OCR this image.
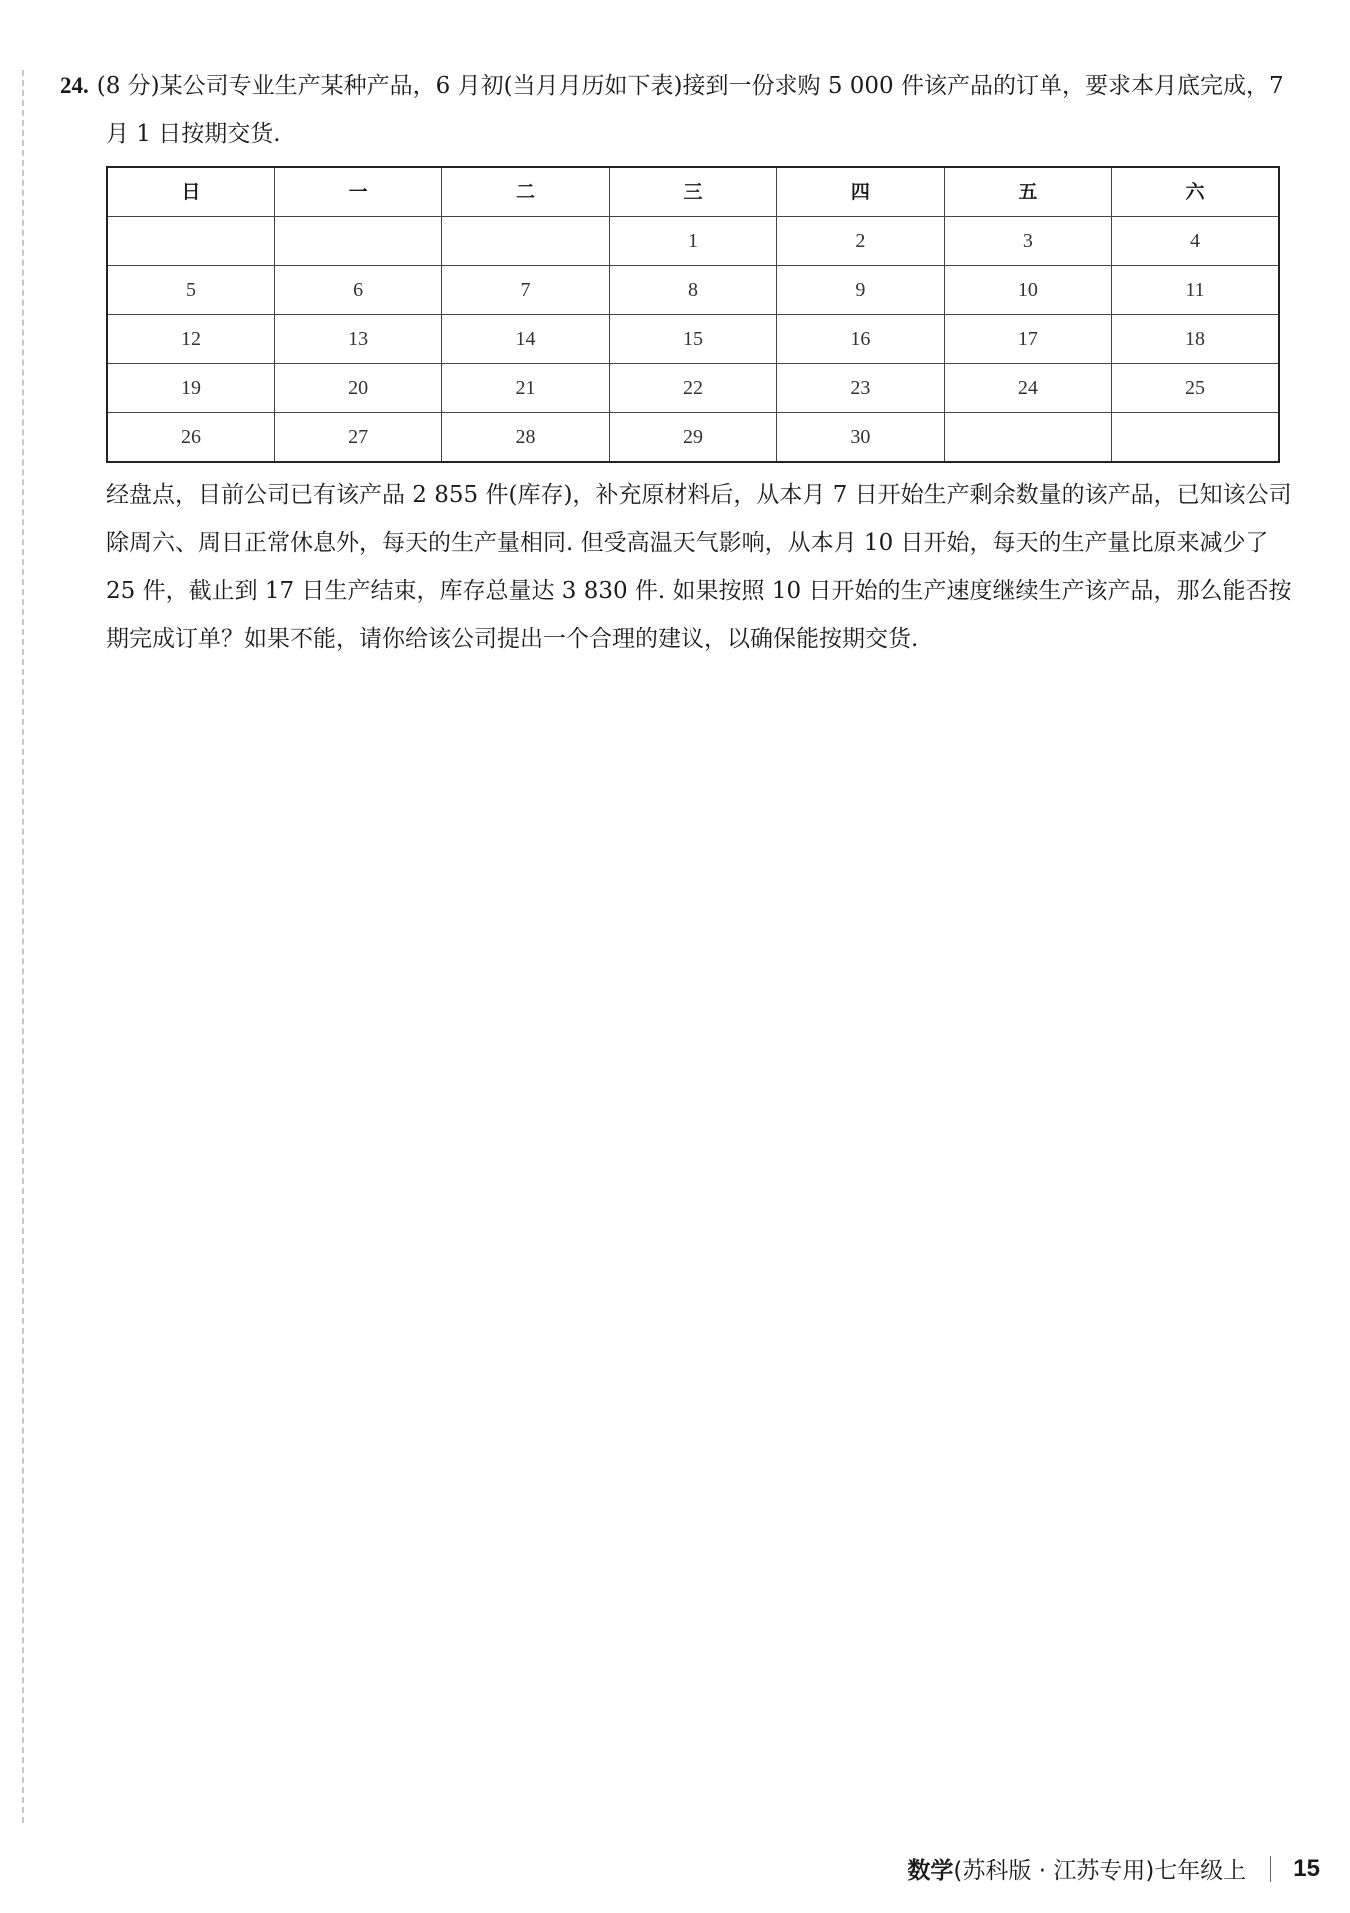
24. (8 分)某公司专业生产某种产品，6 月初(当月月历如下表)接到一份求购 5 000 件该产品的订单，要求本月底完成，7 月 1 日按期交货.

日	一	二	三	四	五	六
			1	2	3	4
5	6	7	8	9	10	11
12	13	14	15	16	17	18
19	20	21	22	23	24	25
26	27	28	29	30		

经盘点，目前公司已有该产品 2 855 件(库存)，补充原材料后，从本月 7 日开始生产剩余数量的该产品，已知该公司除周六、周日正常休息外，每天的生产量相同. 但受高温天气影响，从本月 10 日开始，每天的生产量比原来减少了 25 件，截止到 17 日生产结束，库存总量达 3 830 件. 如果按照 10 日开始的生产速度继续生产该产品，那么能否按期完成订单？如果不能，请你给该公司提出一个合理的建议，以确保能按期交货.

数学 (苏科版 · 江苏专用)七年级上 15
